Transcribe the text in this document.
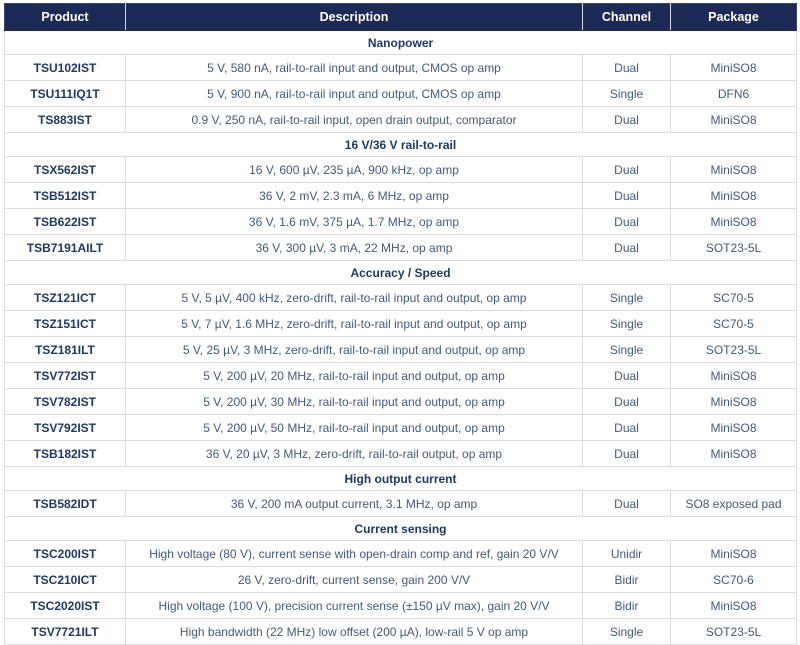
Product	Description	Channel	Package
Nanopower			
TSU102IST	5 V, 580 nA, rail-to-rail input and output, CMOS op amp	Dual	MiniSO8
TSU111IQ1T	5 V, 900 nA, rail-to-rail input and output, CMOS op amp	Single	DFN6
TS883IST	0.9 V, 250 nA, rail-to-rail input, open drain output, comparator	Dual	MiniSO8
16 V/36 V rail-to-rail			
TSX562IST	16 V, 600 µV, 235 µA, 900 kHz, op amp	Dual	MiniSO8
TSB512IST	36 V, 2 mV, 2.3 mA, 6 MHz, op amp	Dual	MiniSO8
TSB622IST	36 V, 1.6 mV, 375 µA, 1.7 MHz, op amp	Dual	MiniSO8
TSB7191AILT	36 V, 300 µV, 3 mA, 22 MHz, op amp	Dual	SOT23-5L
Accuracy / Speed			
TSZ121ICT	5 V, 5 µV, 400 kHz, zero-drift, rail-to-rail input and output, op amp	Single	SC70-5
TSZ151ICT	5 V, 7 µV, 1.6 MHz, zero-drift, rail-to-rail input and output, op amp	Single	SC70-5
TSZ181ILT	5 V, 25 µV, 3 MHz, zero-drift, rail-to-rail input and output, op amp	Single	SOT23-5L
TSV772IST	5 V, 200 µV, 20 MHz, rail-to-rail input and output, op amp	Dual	MiniSO8
TSV782IST	5 V, 200 µV, 30 MHz, rail-to-rail input and output, op amp	Dual	MiniSO8
TSV792IST	5 V, 200 µV, 50 MHz, rail-to-rail input and output, op amp	Dual	MiniSO8
TSB182IST	36 V, 20 µV, 3 MHz, zero-drift, rail-to-rail output, op amp	Dual	MiniSO8
High output current			
TSB582IDT	36 V, 200 mA output current, 3.1 MHz, op amp	Dual	SO8 exposed pad
Current sensing			
TSC200IST	High voltage (80 V), current sense with open-drain comp and ref, gain 20 V/V	Unidir	MiniSO8
TSC210ICT	26 V, zero-drift, current sense, gain 200 V/V	Bidir	SC70-6
TSC2020IST	High voltage (100 V), precision current sense (±150 µV max), gain 20 V/V	Bidir	MiniSO8
TSV7721ILT	High bandwidth (22 MHz) low offset (200 µA), low-rail 5 V op amp	Single	SOT23-5L
